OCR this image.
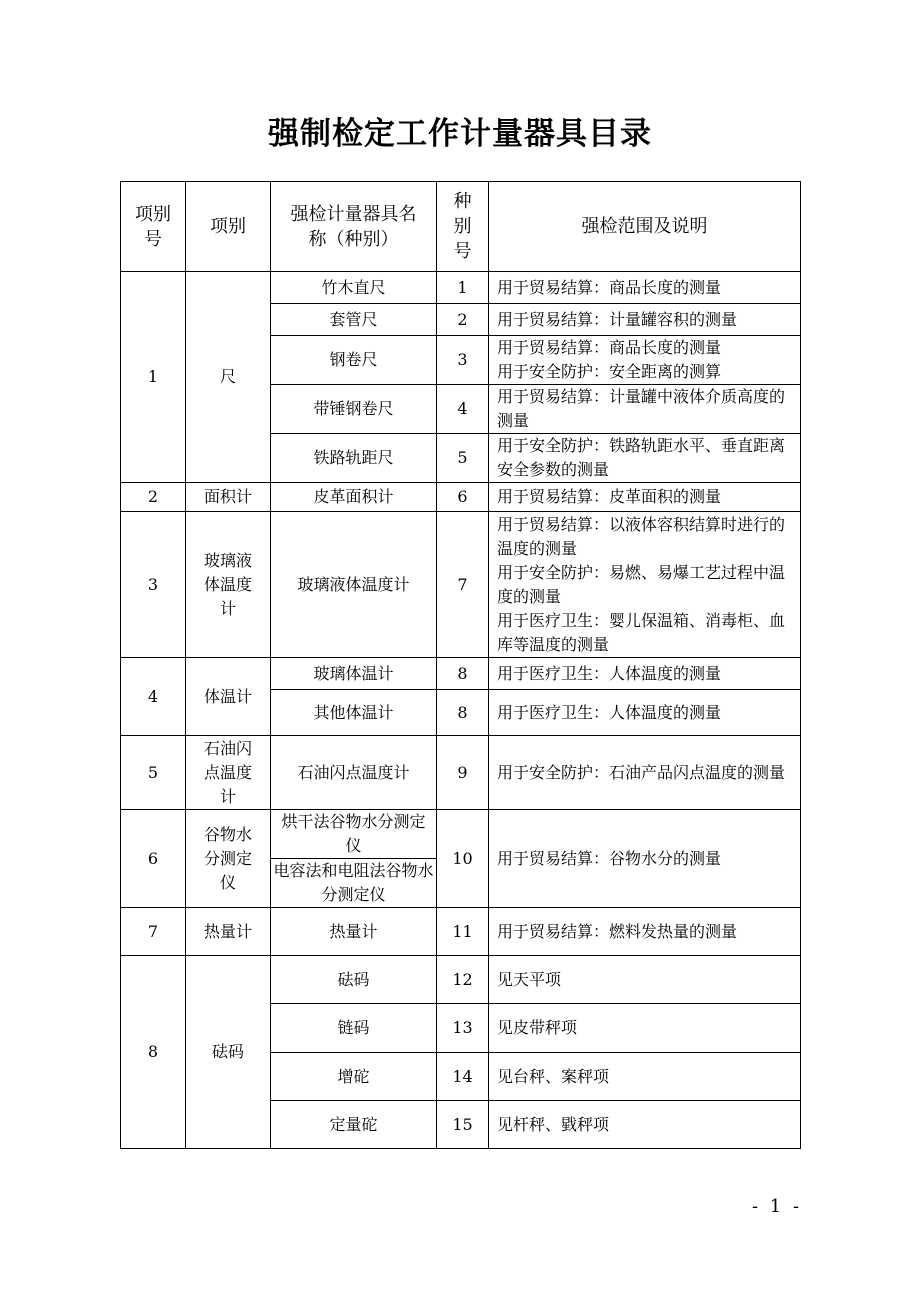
强制检定工作计量器具目录
项别号	项别	强检计量器具名称（种别）	种别号	强检范围及说明
1	尺	竹木直尺	1	用于贸易结算：商品长度的测量
		套管尺	2	用于贸易结算：计量罐容积的测量
		钢卷尺	3	用于贸易结算：商品长度的测量
用于安全防护：安全距离的测算
		带锤钢卷尺	4	用于贸易结算：计量罐中液体介质高度的测量
		铁路轨距尺	5	用于安全防护：铁路轨距水平、垂直距离安全参数的测量
2	面积计	皮革面积计	6	用于贸易结算：皮革面积的测量
3	玻璃液体温度计	玻璃液体温度计	7	用于贸易结算：以液体容积结算时进行的温度的测量
用于安全防护：易燃、易爆工艺过程中温度的测量
用于医疗卫生：婴儿保温箱、消毒柜、血库等温度的测量
4	体温计	玻璃体温计	8	用于医疗卫生：人体温度的测量
		其他体温计	8	用于医疗卫生：人体温度的测量
5	石油闪点温度计	石油闪点温度计	9	用于安全防护：石油产品闪点温度的测量
6	谷物水分测定仪	烘干法谷物水分测定仪	10	用于贸易结算：谷物水分的测量
		电容法和电阻法谷物水分测定仪		
7	热量计	热量计	11	用于贸易结算：燃料发热量的测量
8	砝码	砝码	12	见天平项
		链码	13	见皮带秤项
		增砣	14	见台秤、案秤项
		定量砣	15	见杆秤、戥秤项
- 1 -
